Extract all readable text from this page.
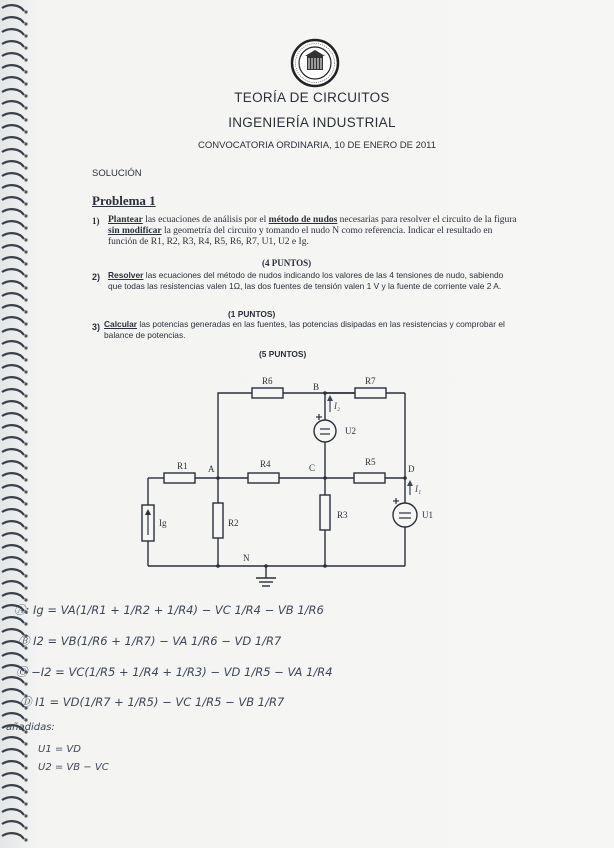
TEORÍA DE CIRCUITOS
INGENIERÍA INDUSTRIAL
CONVOCATORIA ORDINARIA, 10 DE ENERO DE 2011
SOLUCIÓN
Problema 1
1) Plantear las ecuaciones de análisis por el método de nudos necesarias para resolver el circuito de la figura sin modificar la geometría del circuito y tomando el nudo N como referencia. Indicar el resultado en función de R1, R2, R3, R4, R5, R6, R7, U1, U2 e Ig.
(4 PUNTOS)
2) Resolver las ecuaciones del método de nudos indicando los valores de las 4 tensiones de nudo, sabiendo que todas las resistencias valen 1Ω, las dos fuentes de tensión valen 1 V y la fuente de corriente vale 2 A.
(1 PUNTOS)
3) Calcular las potencias generadas en las fuentes, las potencias disipadas en las resistencias y comprobar el balance de potencias.
(5 PUNTOS)
R6	R7
B
R1	R4	R5
A	C	D
U2
U1
Ig	R2
R3
N
I₂
I₁
Ⓐ: Ig = VA(1/R1 + 1/R2 + 1/R4) − VC 1/R4 − VB 1/R6
Ⓑ I2 = VB(1/R6 + 1/R7) − VA 1/R6 − VD 1/R7
Ⓒ −I2 = VC(1/R5 + 1/R4 + 1/R3) − VD 1/R5 − VA 1/R4
Ⓓ I1 = VD(1/R7 + 1/R5) − VC 1/R5 − VB 1/R7
añadidas:
U1 = VD
U2 = VB − VC
